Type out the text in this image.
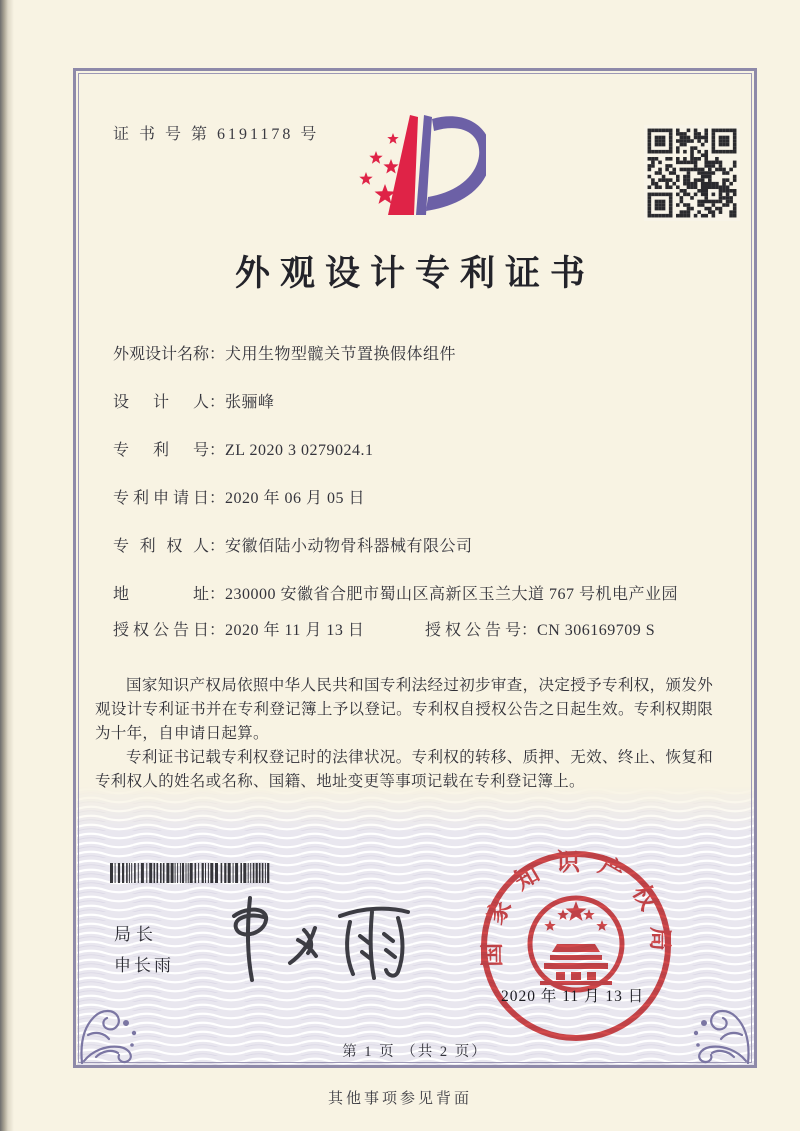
证 书 号 第 6191178 号
外观设计专利证书
外观设计名称 ： 犬用生物型髋关节置换假体组件
设计人 ： 张骊峰
专利号 ： ZL 2020 3 0279024.1
专利申请日 ： 2020 年 06 月 05 日
专利权人 ： 安徽佰陆小动物骨科器械有限公司
地址 ： 230000 安徽省合肥市蜀山区高新区玉兰大道 767 号机电产业园
授权公告日 ： 2020 年 11 月 13 日	授权公告号 ： CN 306169709 S

国家知识产权局依照中华人民共和国专利法经过初步审查，决定授予专利权，颁发外观设计专利证书并在专利登记簿上予以登记。专利权自授权公告之日起生效。专利权期限为十年，自申请日起算。

专利证书记载专利权登记时的法律状况。专利权的转移、质押、无效、终止、恢复和专利权人的姓名或名称、国籍、地址变更等事项记载在专利登记簿上。

局长
申长雨	国家知识产权局
2020 年 11 月 13 日
第 1 页 （共 2 页）
其他事项参见背面
